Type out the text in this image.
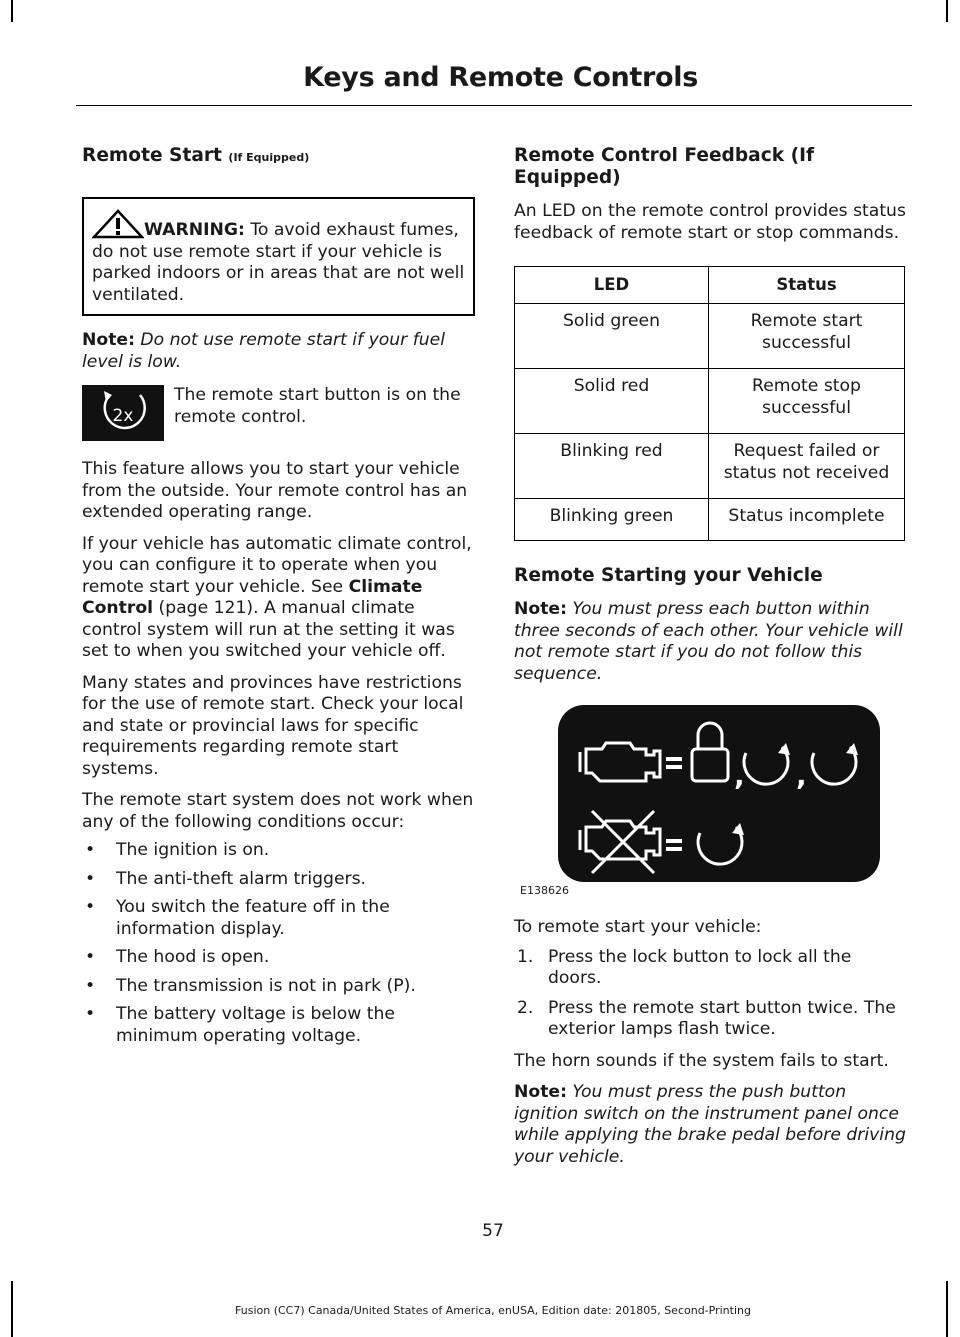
Keys and Remote Controls
Remote Start (If Equipped)
WARNING: To avoid exhaust fumes, do not use remote start if your vehicle is parked indoors or in areas that are not well ventilated.

Note: Do not use remote start if your fuel level is low.

2x

The remote start button is on the remote control.

This feature allows you to start your vehicle from the outside. Your remote control has an extended operating range.

If your vehicle has automatic climate control, you can configure it to operate when you remote start your vehicle. See Climate Control (page 121). A manual climate control system will run at the setting it was set to when you switched your vehicle off.

Many states and provinces have restrictions for the use of remote start. Check your local and state or provincial laws for specific requirements regarding remote start systems.

The remote start system does not work when any of the following conditions occur:

• The ignition is on.
• The anti-theft alarm triggers.
• You switch the feature off in the information display.
• The hood is open.
• The transmission is not in park (P).
• The battery voltage is below the minimum operating voltage.
Remote Control Feedback (If Equipped)

An LED on the remote control provides status feedback of remote start or stop commands.

LED	Status
Solid green	Remote start successful
Solid red	Remote stop successful
Blinking red	Request failed or status not received
Blinking green	Status incomplete
Remote Starting your Vehicle

Note: You must press each button within three seconds of each other. Your vehicle will not remote start if you do not follow this sequence.

, ,
E138626

To remote start your vehicle:

1. Press the lock button to lock all the doors.
2. Press the remote start button twice. The exterior lamps flash twice.

The horn sounds if the system fails to start.

Note: You must press the push button ignition switch on the instrument panel once while applying the brake pedal before driving your vehicle.

57
Fusion (CC7) Canada/United States of America, enUSA, Edition date: 201805, Second-Printing
